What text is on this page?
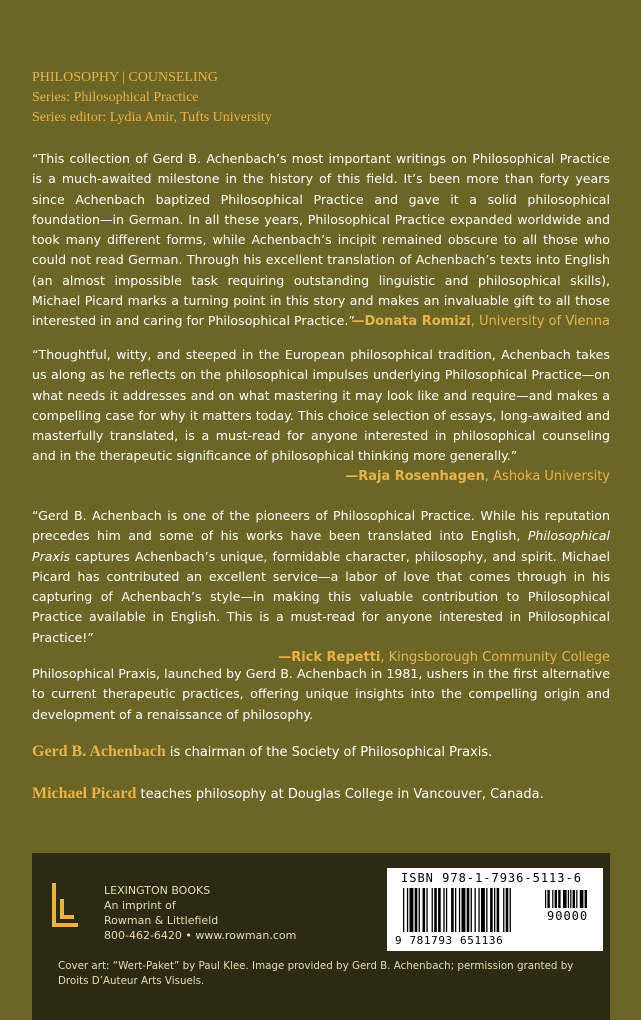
PHILOSOPHY | COUNSELING
Series: Philosophical Practice
Series editor: Lydia Amir, Tufts University
“This collection of Gerd B. Achenbach’s most important writings on Philosophical Practice is a much-awaited milestone in the history of this field. It’s been more than forty years since Achenbach baptized Philosophical Practice and gave it a solid philosophical foundation—in German. In all these years, Philosophical Practice expanded worldwide and took many different forms, while Achenbach’s incipit remained obscure to all those who could not read German. Through his excellent translation of Achenbach’s texts into English (an almost impossible task requiring outstanding linguistic and philosophical skills), Michael Picard marks a turning point in this story and makes an invaluable gift to all those interested in and caring for Philosophical Practice.”
—Donata Romizi, University of Vienna
“Thoughtful, witty, and steeped in the European philosophical tradition, Achenbach takes us along as he reflects on the philosophical impulses underlying Philosophical Practice—on what needs it addresses and on what mastering it may look like and require—and makes a compelling case for why it matters today. This choice selection of essays, long-awaited and masterfully translated, is a must-read for anyone interested in philosophical counseling and in the therapeutic significance of philosophical thinking more generally.”
—Raja Rosenhagen, Ashoka University
“Gerd B. Achenbach is one of the pioneers of Philosophical Practice. While his reputation precedes him and some of his works have been translated into English, Philosophical Praxis captures Achenbach’s unique, formidable character, philosophy, and spirit. Michael Picard has contributed an excellent service—a labor of love that comes through in his capturing of Achenbach’s style—in making this valuable contribution to Philosophical Practice available in English. This is a must-read for anyone interested in Philosophical Practice!”
—Rick Repetti, Kingsborough Community College
Philosophical Praxis, launched by Gerd B. Achenbach in 1981, ushers in the first alternative to current therapeutic practices, offering unique insights into the compelling origin and development of a renaissance of philosophy.
Gerd B. Achenbach is chairman of the Society of Philosophical Praxis.
Michael Picard teaches philosophy at Douglas College in Vancouver, Canada.
LEXINGTON BOOKS
An imprint of
Rowman & Littlefield
800-462-6420 • www.rowman.com
ISBN 978-1-7936-5113-6
90000
9 781793 651136
Cover art: “Wert-Paket” by Paul Klee. Image provided by Gerd B. Achenbach; permission granted by Droits D’Auteur Arts Visuels.
